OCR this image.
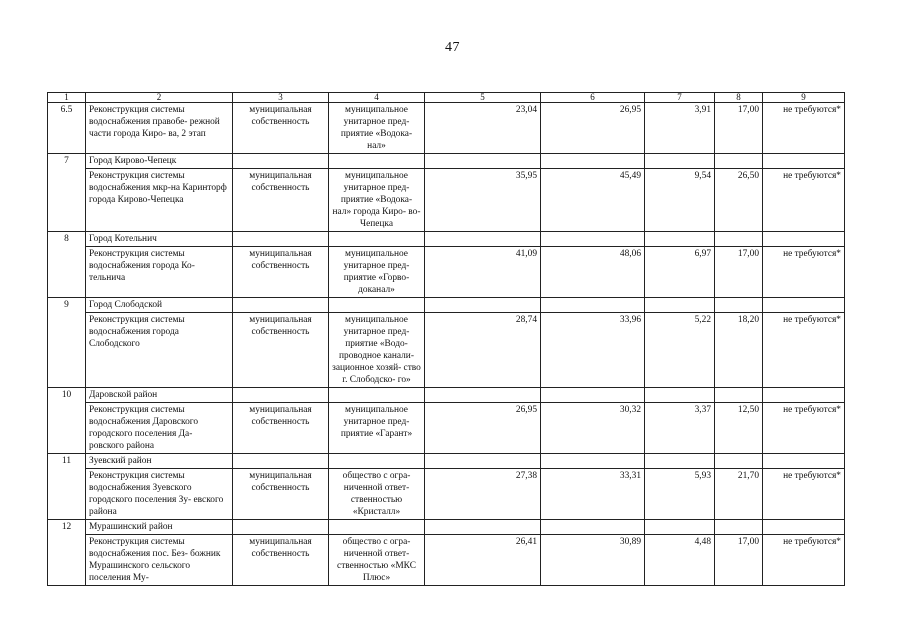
47
1	2	3	4	5	6	7	8	9
6.5	Реконструкция системы водоснабжения правобе- режной части города Киро- ва, 2 этап	муниципальная собственность	муниципальное унитарное пред- приятие «Водока- нал»	23,04	26,95	3,91	17,00	не требуются*
7	Город Кирово-Чепецк							
	Реконструкция системы водоснабжения мкр-на Каринторф города Кирово-Чепецка	муниципальная собственность	муниципальное унитарное пред- приятие «Водока- нал» города Киро- во-Чепецка	35,95	45,49	9,54	26,50	не требуются*
8	Город Котельнич							
	Реконструкция системы водоснабжения города Ко- тельнича	муниципальная собственность	муниципальное унитарное пред- приятие «Горво- доканал»	41,09	48,06	6,97	17,00	не требуются*
9	Город Слободской							
	Реконструкция системы водоснабжения города Слободского	муниципальная собственность	муниципальное унитарное пред- приятие «Водо- проводное канали- зационное хозяй- ство г. Слободско- го»	28,74	33,96	5,22	18,20	не требуются*
10	Даровской район							
	Реконструкция системы водоснабжения Даровского городского поселения Да- ровского района	муниципальная собственность	муниципальное унитарное пред- приятие «Гарант»	26,95	30,32	3,37	12,50	не требуются*
11	Зуевский район							
	Реконструкция системы водоснабжения Зуевского городского поселения Зу- евского района	муниципальная собственность	общество с огра- ниченной ответ- ственностью «Кристалл»	27,38	33,31	5,93	21,70	не требуются*
12	Мурашинский район							
	Реконструкция системы водоснабжения пос. Без- божник Мурашинского сельского поселения Му-	муниципальная собственность	общество с огра- ниченной ответ- ственностью «МКС Плюс»	26,41	30,89	4,48	17,00	не требуются*
